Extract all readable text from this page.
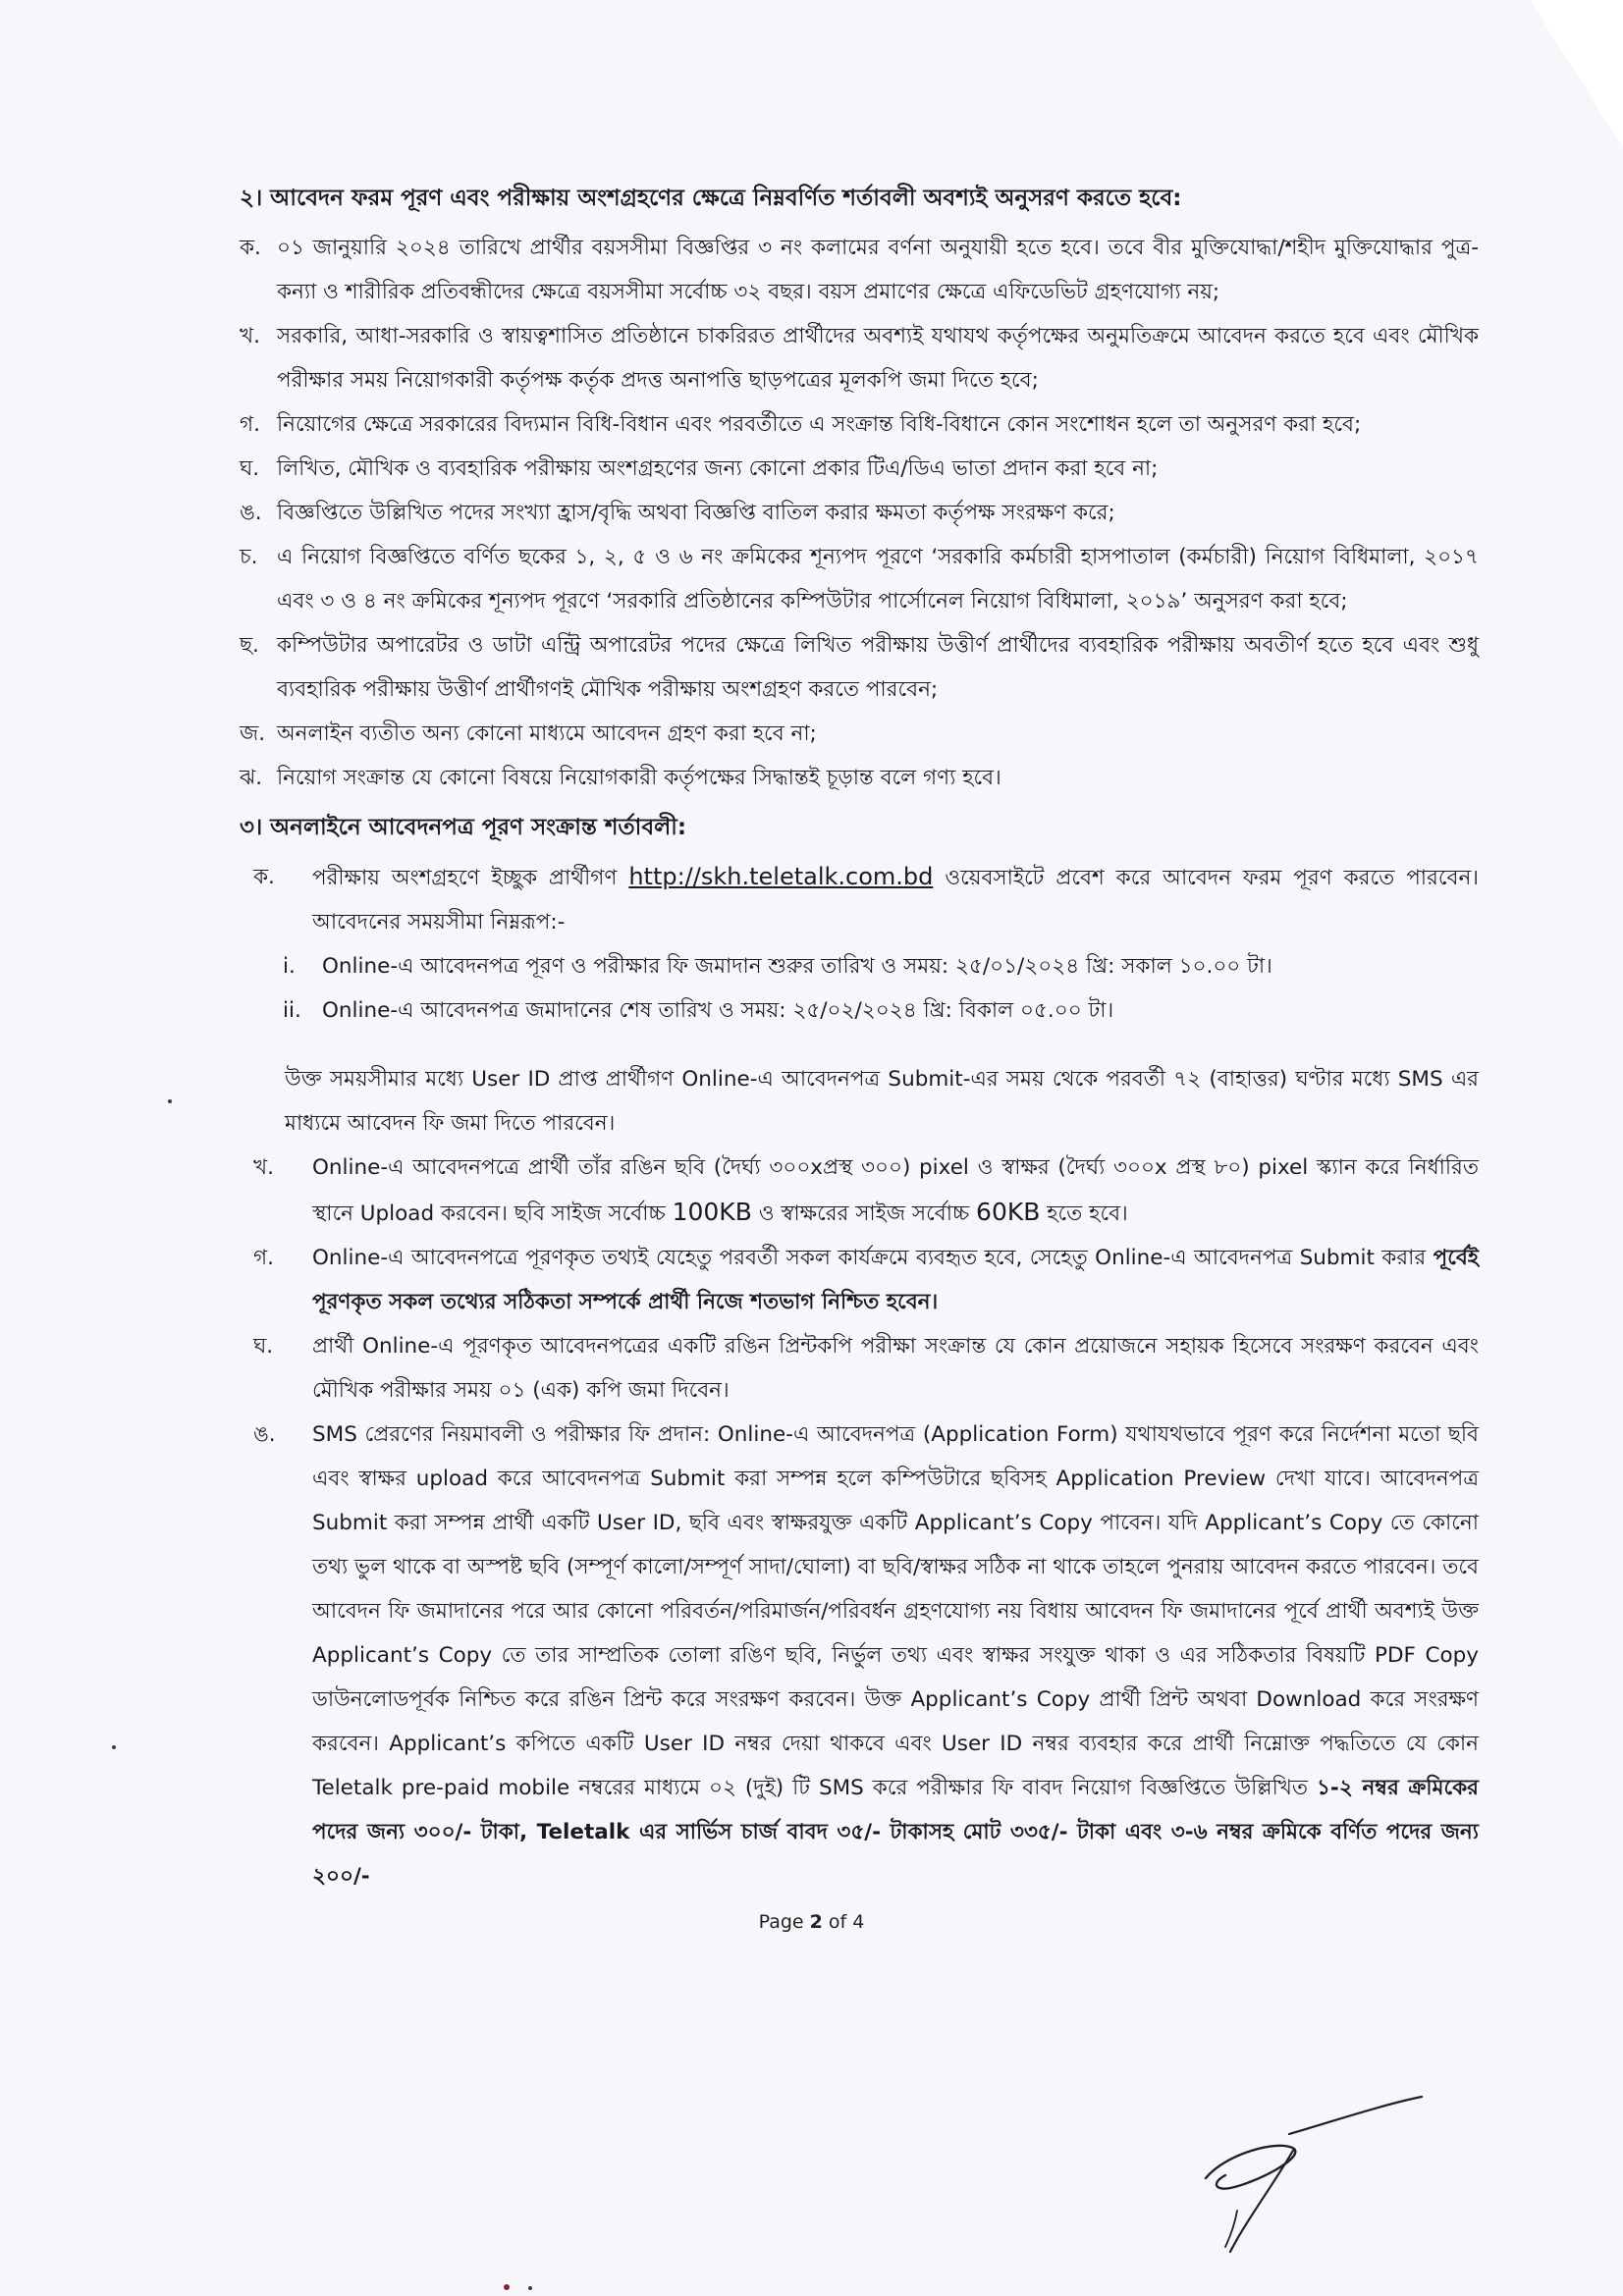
২। আবেদন ফরম পূরণ এবং পরীক্ষায় অংশগ্রহণের ক্ষেত্রে নিম্নবর্ণিত শর্তাবলী অবশ্যই অনুসরণ করতে হবে:
ক. ০১ জানুয়ারি ২০২৪ তারিখে প্রার্থীর বয়সসীমা বিজ্ঞপ্তির ৩ নং কলামের বর্ণনা অনুযায়ী হতে হবে। তবে বীর মুক্তিযোদ্ধা/শহীদ মুক্তিযোদ্ধার পুত্র-কন্যা ও শারীরিক প্রতিবন্ধীদের ক্ষেত্রে বয়সসীমা সর্বোচ্চ ৩২ বছর। বয়স প্রমাণের ক্ষেত্রে এফিডেভিট গ্রহণযোগ্য নয়;
খ. সরকারি, আধা-সরকারি ও স্বায়ত্বশাসিত প্রতিষ্ঠানে চাকরিরত প্রার্থীদের অবশ্যই যথাযথ কর্তৃপক্ষের অনুমতিক্রমে আবেদন করতে হবে এবং মৌখিক পরীক্ষার সময় নিয়োগকারী কর্তৃপক্ষ কর্তৃক প্রদত্ত অনাপত্তি ছাড়পত্রের মূলকপি জমা দিতে হবে;
গ. নিয়োগের ক্ষেত্রে সরকারের বিদ্যমান বিধি-বিধান এবং পরবর্তীতে এ সংক্রান্ত বিধি-বিধানে কোন সংশোধন হলে তা অনুসরণ করা হবে;
ঘ. লিখিত, মৌখিক ও ব্যবহারিক পরীক্ষায় অংশগ্রহণের জন্য কোনো প্রকার টিএ/ডিএ ভাতা প্রদান করা হবে না;
ঙ. বিজ্ঞপ্তিতে উল্লিখিত পদের সংখ্যা হ্রাস/বৃদ্ধি অথবা বিজ্ঞপ্তি বাতিল করার ক্ষমতা কর্তৃপক্ষ সংরক্ষণ করে;
চ. এ নিয়োগ বিজ্ঞপ্তিতে বর্ণিত ছকের ১, ২, ৫ ও ৬ নং ক্রমিকের শূন্যপদ পূরণে ‘সরকারি কর্মচারী হাসপাতাল (কর্মচারী) নিয়োগ বিধিমালা, ২০১৭ এবং ৩ ও ৪ নং ক্রমিকের শূন্যপদ পূরণে ‘সরকারি প্রতিষ্ঠানের কম্পিউটার পার্সোনেল নিয়োগ বিধিমালা, ২০১৯’ অনুসরণ করা হবে;
ছ. কম্পিউটার অপারেটর ও ডাটা এন্ট্রি অপারেটর পদের ক্ষেত্রে লিখিত পরীক্ষায় উত্তীর্ণ প্রার্থীদের ব্যবহারিক পরীক্ষায় অবতীর্ণ হতে হবে এবং শুধু ব্যবহারিক পরীক্ষায় উত্তীর্ণ প্রার্থীগণই মৌখিক পরীক্ষায় অংশগ্রহণ করতে পারবেন;
জ. অনলাইন ব্যতীত অন্য কোনো মাধ্যমে আবেদন গ্রহণ করা হবে না;
ঝ. নিয়োগ সংক্রান্ত যে কোনো বিষয়ে নিয়োগকারী কর্তৃপক্ষের সিদ্ধান্তই চূড়ান্ত বলে গণ্য হবে।
৩। অনলাইনে আবেদনপত্র পূরণ সংক্রান্ত শর্তাবলী:
ক.	পরীক্ষায় অংশগ্রহণে ইচ্ছুক প্রার্থীগণ http://skh.teletalk.com.bd ওয়েবসাইটে প্রবেশ করে আবেদন ফরম পূরণ করতে পারবেন। আবেদনের সময়সীমা নিম্নরূপ:-
i.	Online-এ আবেদনপত্র পূরণ ও পরীক্ষার ফি জমাদান শুরুর তারিখ ও সময়: ২৫/০১/২০২৪ খ্রি: সকাল ১০.০০ টা।
ii. Online-এ আবেদনপত্র জমাদানের শেষ তারিখ ও সময়: ২৫/০২/২০২৪ খ্রি: বিকাল ০৫.০০ টা।
উক্ত সময়সীমার মধ্যে User ID প্রাপ্ত প্রার্থীগণ Online-এ আবেদনপত্র Submit-এর সময় থেকে পরবর্তী ৭২ (বাহাত্তর) ঘণ্টার মধ্যে SMS এর মাধ্যমে আবেদন ফি জমা দিতে পারবেন।
খ.	Online-এ আবেদনপত্রে প্রার্থী তাঁর রঙিন ছবি (দৈর্ঘ্য ৩০০xপ্রস্থ ৩০০) pixel ও স্বাক্ষর (দৈর্ঘ্য ৩০০x প্রস্থ ৮০) pixel স্ক্যান করে নির্ধারিত স্থানে Upload করবেন। ছবি সাইজ সর্বোচ্চ 100KB ও স্বাক্ষরের সাইজ সর্বোচ্চ 60KB হতে হবে।
গ.	Online-এ আবেদনপত্রে পূরণকৃত তথ্যই যেহেতু পরবর্তী সকল কার্যক্রমে ব্যবহৃত হবে, সেহেতু Online-এ আবেদনপত্র Submit করার পূর্বেই পূরণকৃত সকল তথ্যের সঠিকতা সম্পর্কে প্রার্থী নিজে শতভাগ নিশ্চিত হবেন।
ঘ.	প্রার্থী Online-এ পূরণকৃত আবেদনপত্রের একটি রঙিন প্রিন্টকপি পরীক্ষা সংক্রান্ত যে কোন প্রয়োজনে সহায়ক হিসেবে সংরক্ষণ করবেন এবং মৌখিক পরীক্ষার সময় ০১ (এক) কপি জমা দিবেন।
ঙ.	SMS প্রেরণের নিয়মাবলী ও পরীক্ষার ফি প্রদান: Online-এ আবেদনপত্র (Application Form) যথাযথভাবে পূরণ করে নির্দেশনা মতো ছবি এবং স্বাক্ষর upload করে আবেদনপত্র Submit করা সম্পন্ন হলে কম্পিউটারে ছবিসহ Application Preview দেখা যাবে। আবেদনপত্র Submit করা সম্পন্ন প্রার্থী একটি User ID, ছবি এবং স্বাক্ষরযুক্ত একটি Applicant’s Copy পাবেন। যদি Applicant’s Copy তে কোনো তথ্য ভুল থাকে বা অস্পষ্ট ছবি (সম্পূর্ণ কালো/সম্পূর্ণ সাদা/ঘোলা) বা ছবি/স্বাক্ষর সঠিক না থাকে তাহলে পুনরায় আবেদন করতে পারবেন। তবে আবেদন ফি জমাদানের পরে আর কোনো পরিবর্তন/পরিমার্জন/পরিবর্ধন গ্রহণযোগ্য নয় বিধায় আবেদন ফি জমাদানের পূর্বে প্রার্থী অবশ্যই উক্ত Applicant’s Copy তে তার সাম্প্রতিক তোলা রঙিণ ছবি, নির্ভুল তথ্য এবং স্বাক্ষর সংযুক্ত থাকা ও এর সঠিকতার বিষয়টি PDF Copy ডাউনলোডপূর্বক নিশ্চিত করে রঙিন প্রিন্ট করে সংরক্ষণ করবেন। উক্ত Applicant’s Copy প্রার্থী প্রিন্ট অথবা Download করে সংরক্ষণ করবেন। Applicant’s কপিতে একটি User ID নম্বর দেয়া থাকবে এবং User ID নম্বর ব্যবহার করে প্রার্থী নিম্নোক্ত পদ্ধতিতে যে কোন Teletalk pre-paid mobile নম্বরের মাধ্যমে ০২ (দুই) টি SMS করে পরীক্ষার ফি বাবদ নিয়োগ বিজ্ঞপ্তিতে উল্লিখিত ১-২ নম্বর ক্রমিকের পদের জন্য ৩০০/- টাকা, Teletalk এর সার্ভিস চার্জ বাবদ ৩৫/- টাকাসহ মোট ৩৩৫/- টাকা এবং ৩-৬ নম্বর ক্রমিকে বর্ণিত পদের জন্য ২০০/-
Page 2 of 4
